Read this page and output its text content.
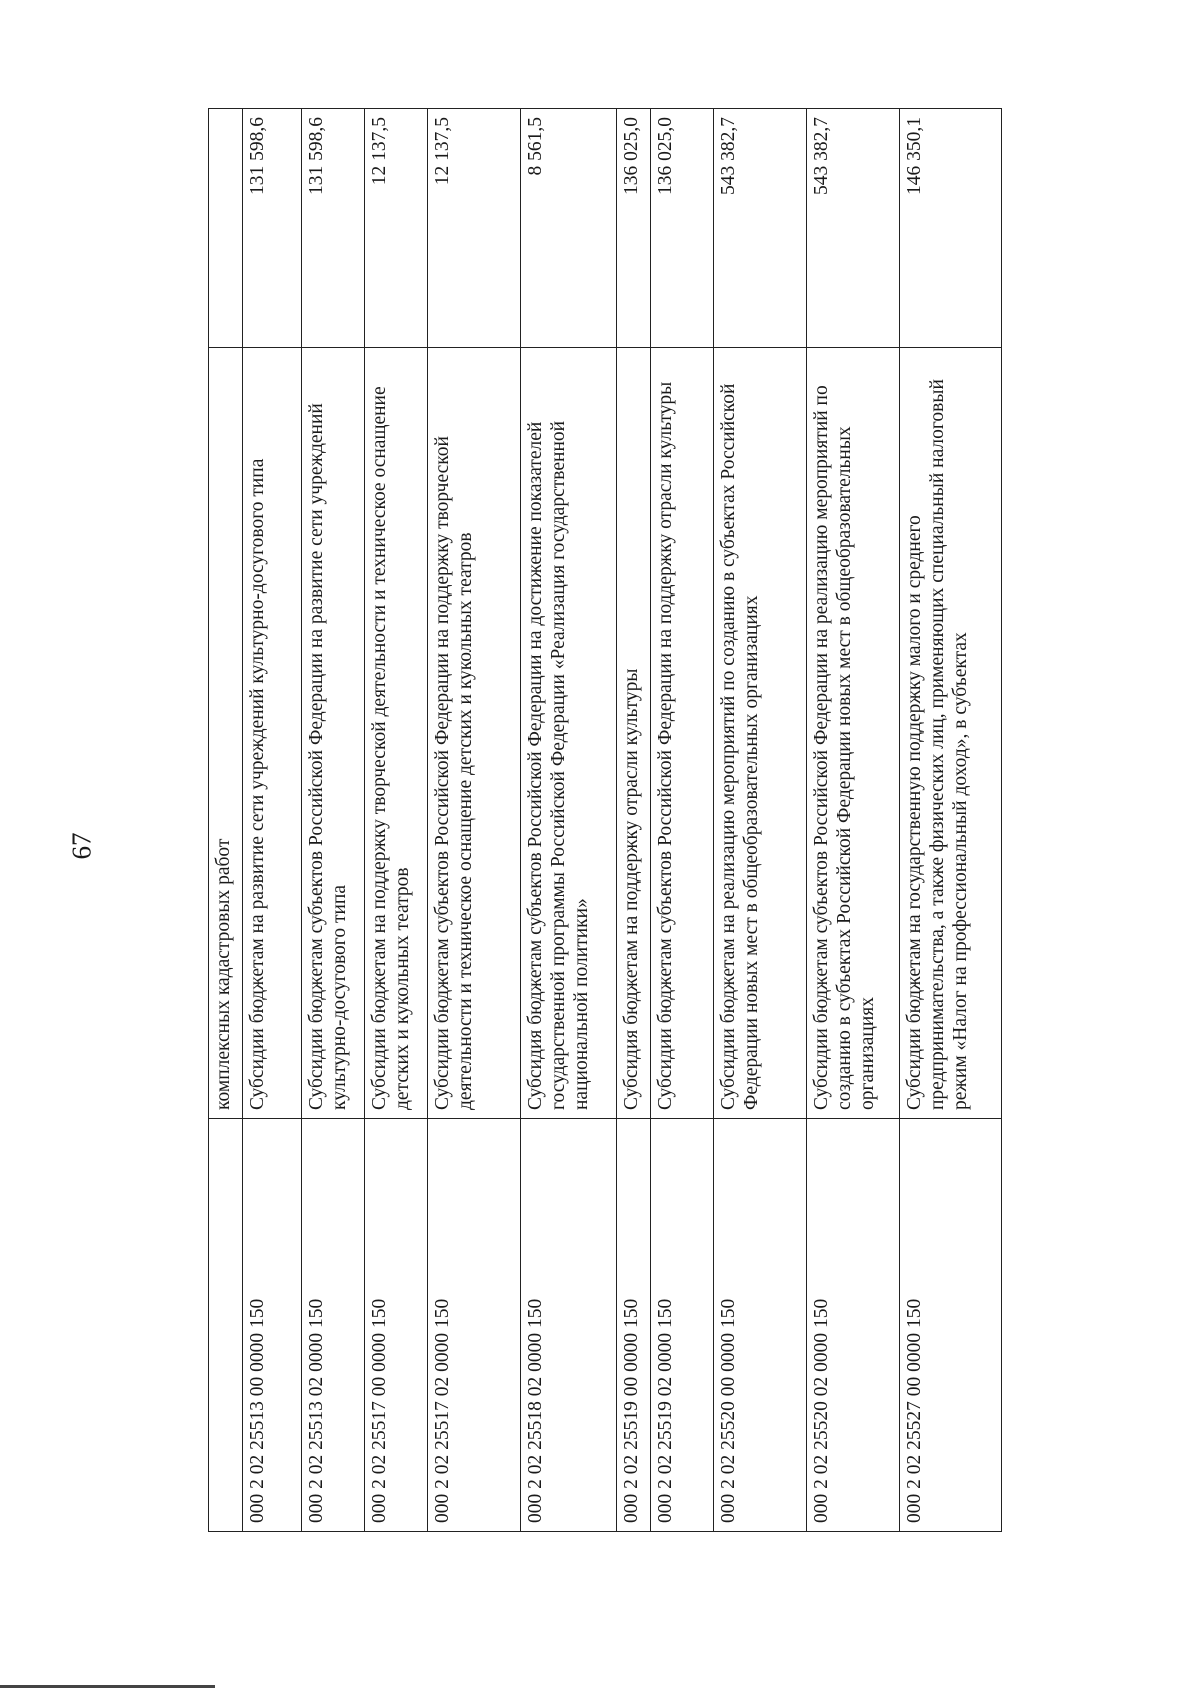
67
		комплексных кадастровых работ	
000 2 02 25513 00 0000 150	Субсидии бюджетам на развитие сети учреждений культурно-досугового типа	131 598,6
000 2 02 25513 02 0000 150	Субсидии бюджетам субъектов Российской Федерации на развитие сети учреждений культурно-досугового типа	131 598,6
000 2 02 25517 00 0000 150	Субсидии бюджетам на поддержку творческой деятельности и техническое оснащение детских и кукольных театров	12 137,5
000 2 02 25517 02 0000 150	Субсидии бюджетам субъектов Российской Федерации на поддержку творческой деятельности и техническое оснащение детских и кукольных театров	12 137,5
000 2 02 25518 02 0000 150	Субсидия бюджетам субъектов Российской Федерации на достижение показателей государственной программы Российской Федерации «Реализация государственной национальной политики»	8 561,5
000 2 02 25519 00 0000 150	Субсидия бюджетам на поддержку отрасли культуры	136 025,0
000 2 02 25519 02 0000 150	Субсидии бюджетам субъектов Российской Федерации на поддержку отрасли культуры	136 025,0
000 2 02 25520 00 0000 150	Субсидии бюджетам на реализацию мероприятий по созданию в субъектах Российской Федерации новых мест в общеобразовательных организациях	543 382,7
000 2 02 25520 02 0000 150	Субсидии бюджетам субъектов Российской Федерации на реализацию мероприятий по созданию в субъектах Российской Федерации новых мест в общеобразовательных организациях	543 382,7
000 2 02 25527 00 0000 150	Субсидии бюджетам на государственную поддержку малого и среднего предпринимательства, а также физических лиц, применяющих специальный налоговый режим «Налог на профессиональный доход», в субъектах	146 350,1
